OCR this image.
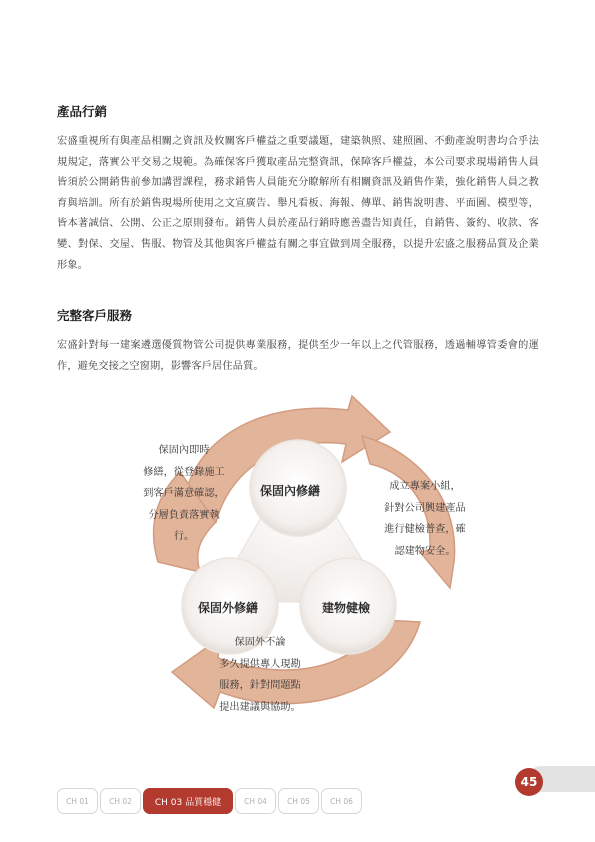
產品行銷

宏盛重視所有與產品相關之資訊及攸關客戶權益之重要議題，建築執照、建照圖、不動產說明書均合乎法規規定，落實公平交易之規範。為確保客戶獲取產品完整資訊，保障客戶權益，本公司要求現場銷售人員皆須於公開銷售前參加講習課程，務求銷售人員能充分瞭解所有相關資訊及銷售作業，強化銷售人員之教育與培訓。所有於銷售現場所使用之文宣廣告、舉凡看板、海報、傳單、銷售說明書、平面圖、模型等，皆本著誠信、公開、公正之原則發布。銷售人員於產品行銷時應善盡告知責任，自銷售、簽約、收款、客變、對保、交屋、售服、物管及其他與客戶權益有關之事宜做到周全服務，以提升宏盛之服務品質及企業形象。

完整客戶服務

宏盛針對每一建案遴選優質物管公司提供專業服務，提供至少一年以上之代管服務，透過輔導管委會的運作，避免交接之空窗期，影響客戶居住品質。

保固內修繕
保固外修繕	建物健檢

保固內即時
修繕，從登錄施工
到客戶滿意確認，
分層負責落實執
行。

成立專案小組，
針對公司興建產品
進行健檢普查，確
認建物安全。

保固外不論
多久提供專人現勘
服務，針對問題點
提出建議與協助。

45
CH 01	CH 02	CH 03 品質穩健	CH 04	CH 05	CH 06
